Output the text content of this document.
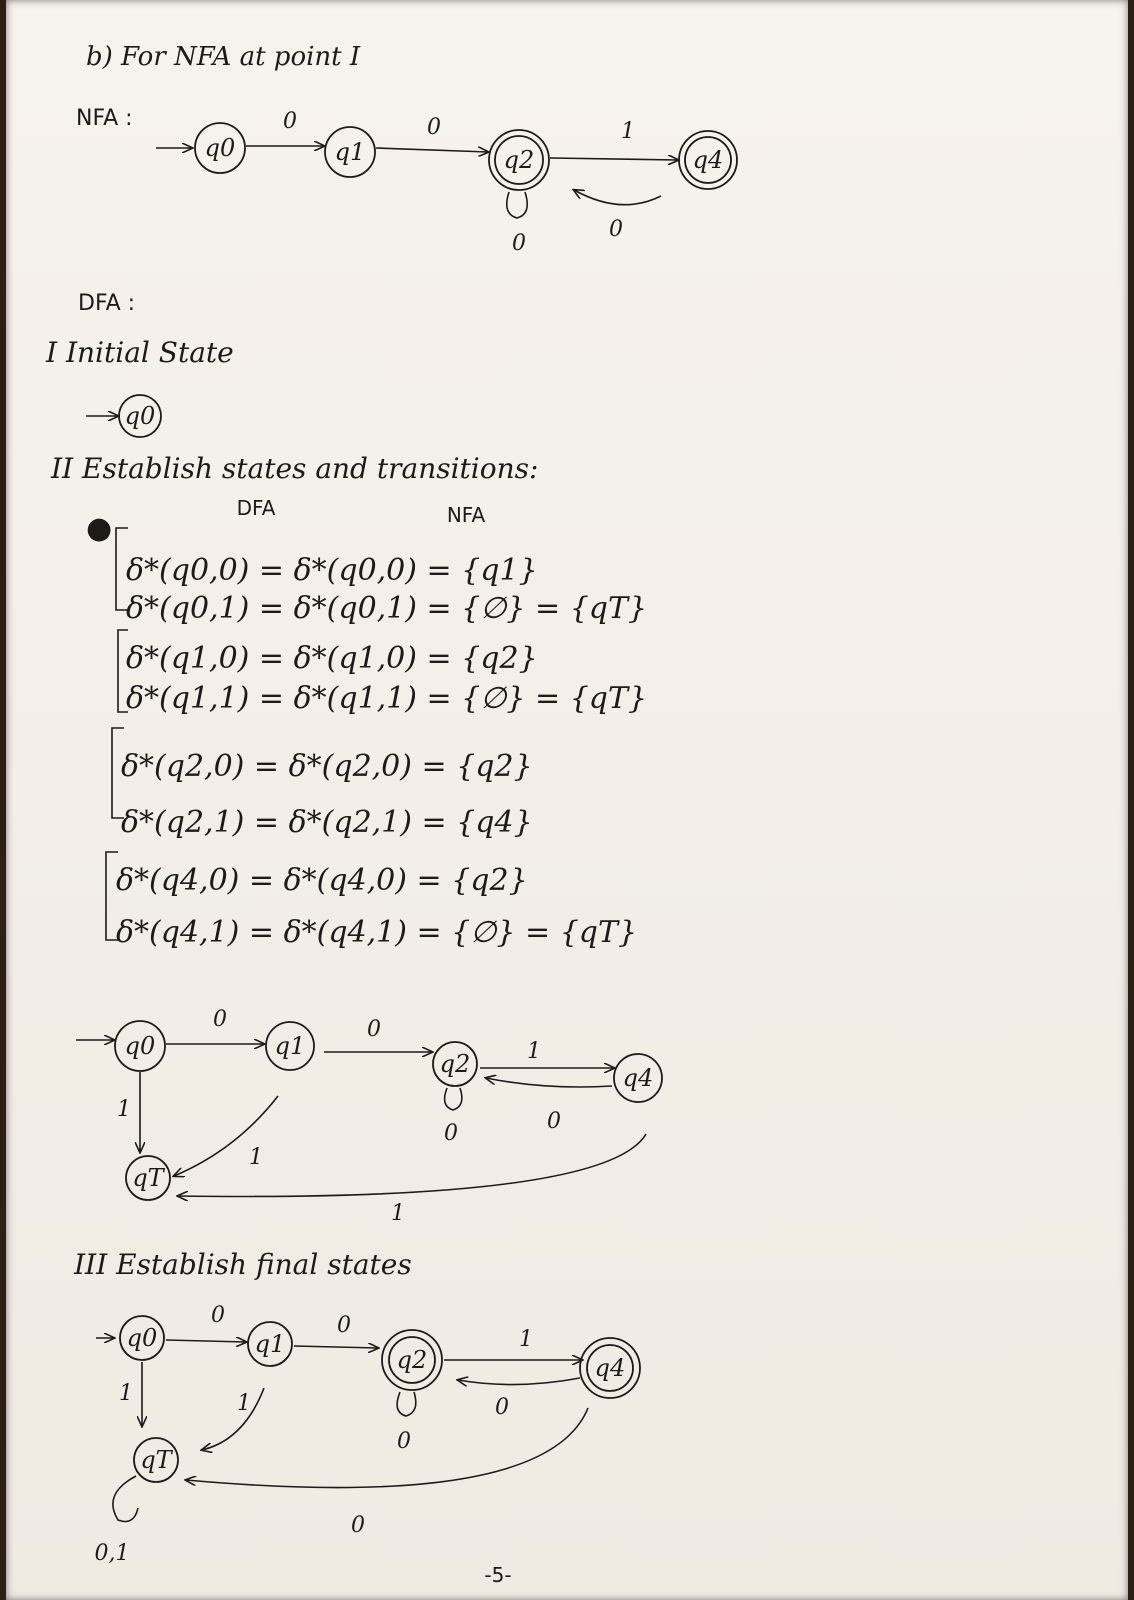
b) For NFA at point I
NFA :
q0
0
q1
0
q2
1
q4
0
0
DFA :
I Initial State
q0
II Establish states and transitions:
DFA	NFA
●
δ*(q0,0) = δ*(q0,0) = {q1}
δ*(q0,1) = δ*(q0,1) = {∅} = {qT}
δ*(q1,0) = δ*(q1,0) = {q2}
δ*(q1,1) = δ*(q1,1) = {∅} = {qT}
δ*(q2,0) = δ*(q2,0) = {q2}
δ*(q2,1) = δ*(q2,1) = {q4}
δ*(q4,0) = δ*(q4,0) = {q2}
δ*(q4,1) = δ*(q4,1) = {∅} = {qT}
q0
0
q1
0
q2	1
q4
0
0
1
qT
1
1
III Establish final states
q0
0
q1
0
q2
1
q4
0
0
1
qT
1
0
0,1
-5-
